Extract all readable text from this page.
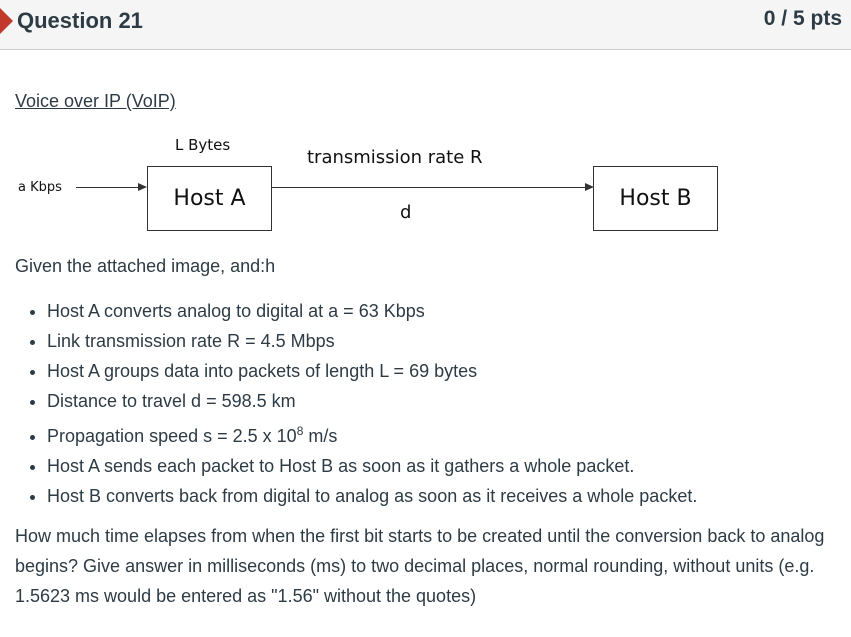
Question 21	0 / 5 pts
Voice over IP (VoIP)
L Bytes
transmission rate R
a Kbps	Host A
d
Host B
Given the attached image, and:h
• Host A converts analog to digital at a = 63 Kbps
• Link transmission rate R = 4.5 Mbps
• Host A groups data into packets of length L = 69 bytes
• Distance to travel d = 598.5 km
• Propagation speed s = 2.5 x $10^8$ m/s
• Host A sends each packet to Host B as soon as it gathers a whole packet.
• Host B converts back from digital to analog as soon as it receives a whole packet.
How much time elapses from when the first bit starts to be created until the conversion back to analog begins? Give answer in milliseconds (ms) to two decimal places, normal rounding, without units (e.g. 1.5623 ms would be entered as "1.56" without the quotes)
